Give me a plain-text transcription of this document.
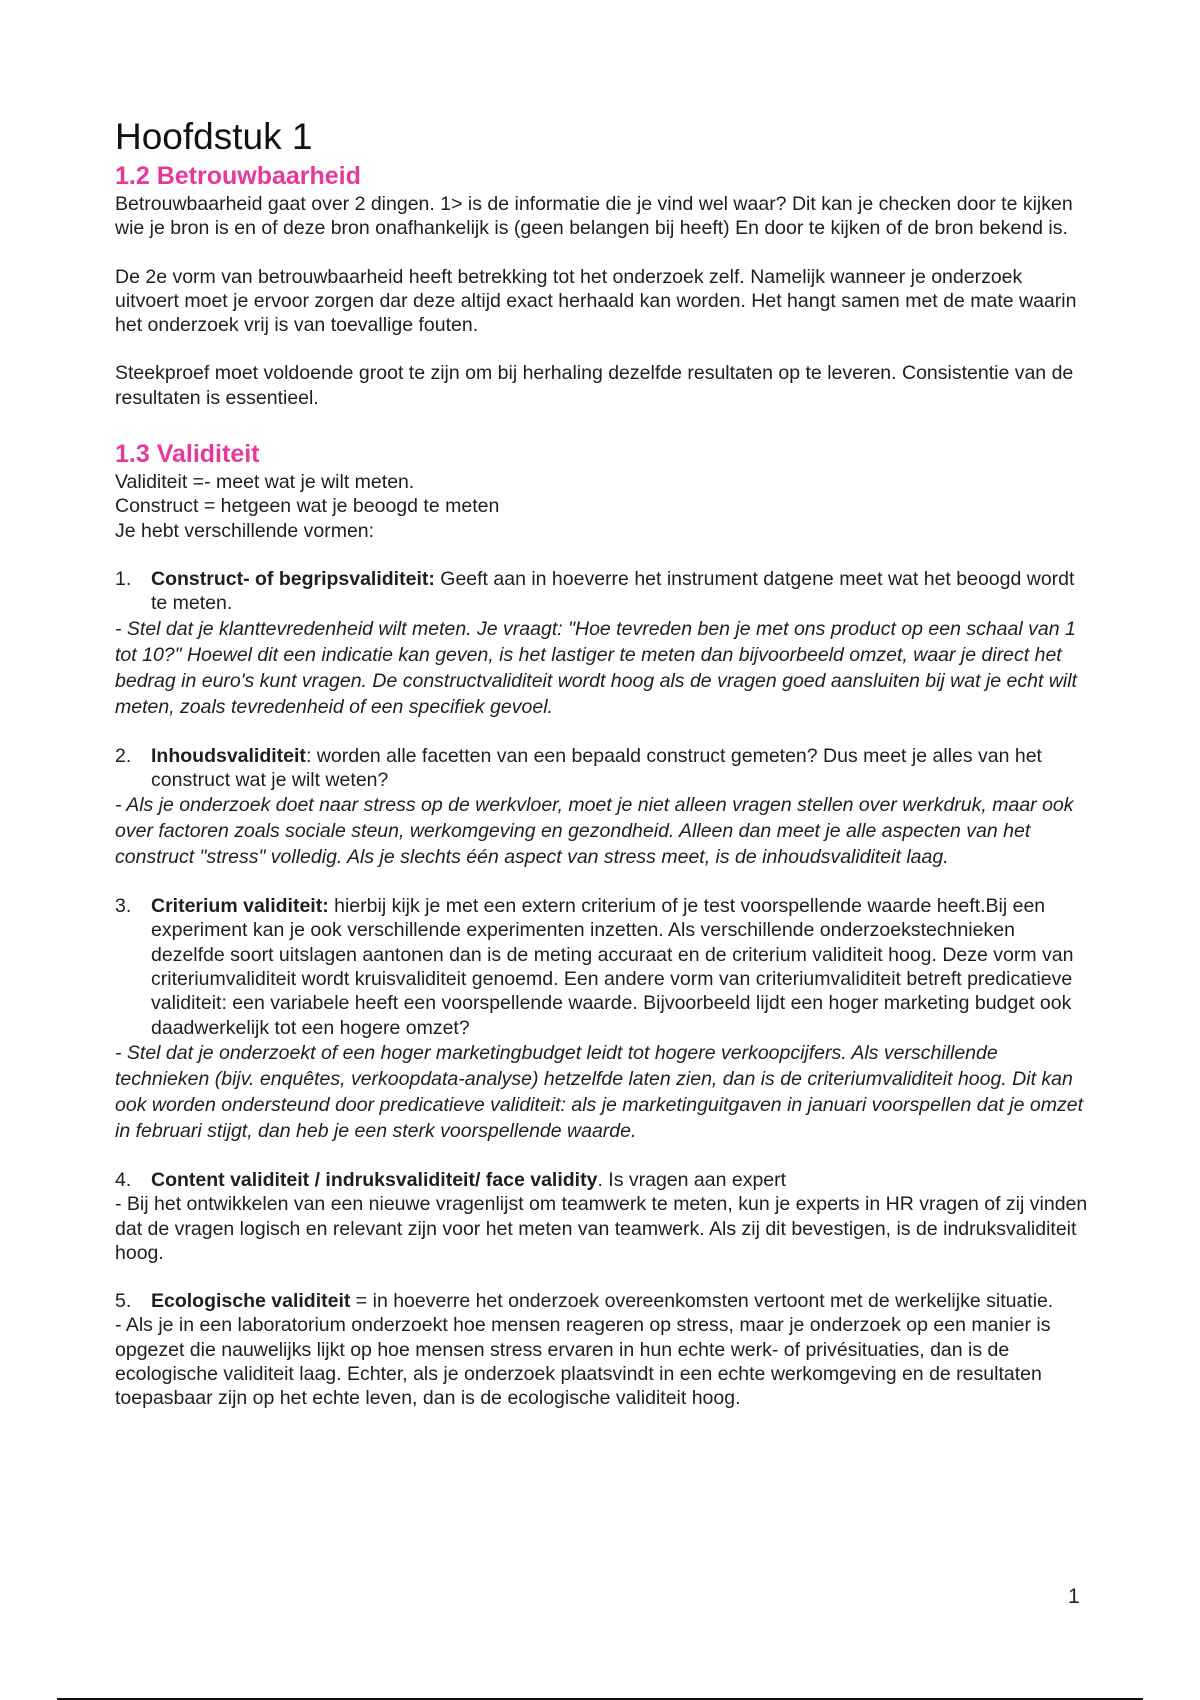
Hoofdstuk 1
1.2 Betrouwbaarheid

Betrouwbaarheid gaat over 2 dingen. 1> is de informatie die je vind wel waar? Dit kan je checken door te kijken wie je bron is en of deze bron onafhankelijk is (geen belangen bij heeft) En door te kijken of de bron bekend is.

De 2e vorm van betrouwbaarheid heeft betrekking tot het onderzoek zelf. Namelijk wanneer je onderzoek uitvoert moet je ervoor zorgen dar deze altijd exact herhaald kan worden. Het hangt samen met de mate waarin het onderzoek vrij is van toevallige fouten.

Steekproef moet voldoende groot te zijn om bij herhaling dezelfde resultaten op te leveren. Consistentie van de resultaten is essentieel.

1.3 Validiteit

Validiteit =- meet wat je wilt meten.

Construct = hetgeen wat je beoogd te meten

Je hebt verschillende vormen:

1. Construct- of begripsvaliditeit: Geeft aan in hoeverre het instrument datgene meet wat het beoogd wordt te meten.

- Stel dat je klanttevredenheid wilt meten. Je vraagt: "Hoe tevreden ben je met ons product op een schaal van 1 tot 10?" Hoewel dit een indicatie kan geven, is het lastiger te meten dan bijvoorbeeld omzet, waar je direct het bedrag in euro's kunt vragen. De constructvaliditeit wordt hoog als de vragen goed aansluiten bij wat je echt wilt meten, zoals tevredenheid of een specifiek gevoel.

2. Inhoudsvaliditeit: worden alle facetten van een bepaald construct gemeten? Dus meet je alles van het construct wat je wilt weten?

- Als je onderzoek doet naar stress op de werkvloer, moet je niet alleen vragen stellen over werkdruk, maar ook over factoren zoals sociale steun, werkomgeving en gezondheid. Alleen dan meet je alle aspecten van het construct "stress" volledig. Als je slechts één aspect van stress meet, is de inhoudsvaliditeit laag.

3. Criterium validiteit: hierbij kijk je met een extern criterium of je test voorspellende waarde heeft.Bij een experiment kan je ook verschillende experimenten inzetten. Als verschillende onderzoekstechnieken dezelfde soort uitslagen aantonen dan is de meting accuraat en de criterium validiteit hoog. Deze vorm van criteriumvaliditeit wordt kruisvaliditeit genoemd. Een andere vorm van criteriumvaliditeit betreft predicatieve validiteit: een variabele heeft een voorspellende waarde. Bijvoorbeeld lijdt een hoger marketing budget ook daadwerkelijk tot een hogere omzet?

- Stel dat je onderzoekt of een hoger marketingbudget leidt tot hogere verkoopcijfers. Als verschillende technieken (bijv. enquêtes, verkoopdata-analyse) hetzelfde laten zien, dan is de criteriumvaliditeit hoog. Dit kan ook worden ondersteund door predicatieve validiteit: als je marketinguitgaven in januari voorspellen dat je omzet in februari stijgt, dan heb je een sterk voorspellende waarde.

4. Content validiteit / indruksvaliditeit/ face validity. Is vragen aan expert

- Bij het ontwikkelen van een nieuwe vragenlijst om teamwerk te meten, kun je experts in HR vragen of zij vinden dat de vragen logisch en relevant zijn voor het meten van teamwerk. Als zij dit bevestigen, is de indruksvaliditeit hoog.

5. Ecologische validiteit = in hoeverre het onderzoek overeenkomsten vertoont met de werkelijke situatie.

- Als je in een laboratorium onderzoekt hoe mensen reageren op stress, maar je onderzoek op een manier is opgezet die nauwelijks lijkt op hoe mensen stress ervaren in hun echte werk- of privésituaties, dan is de ecologische validiteit laag. Echter, als je onderzoek plaatsvindt in een echte werkomgeving en de resultaten toepasbaar zijn op het echte leven, dan is de ecologische validiteit hoog.

1
